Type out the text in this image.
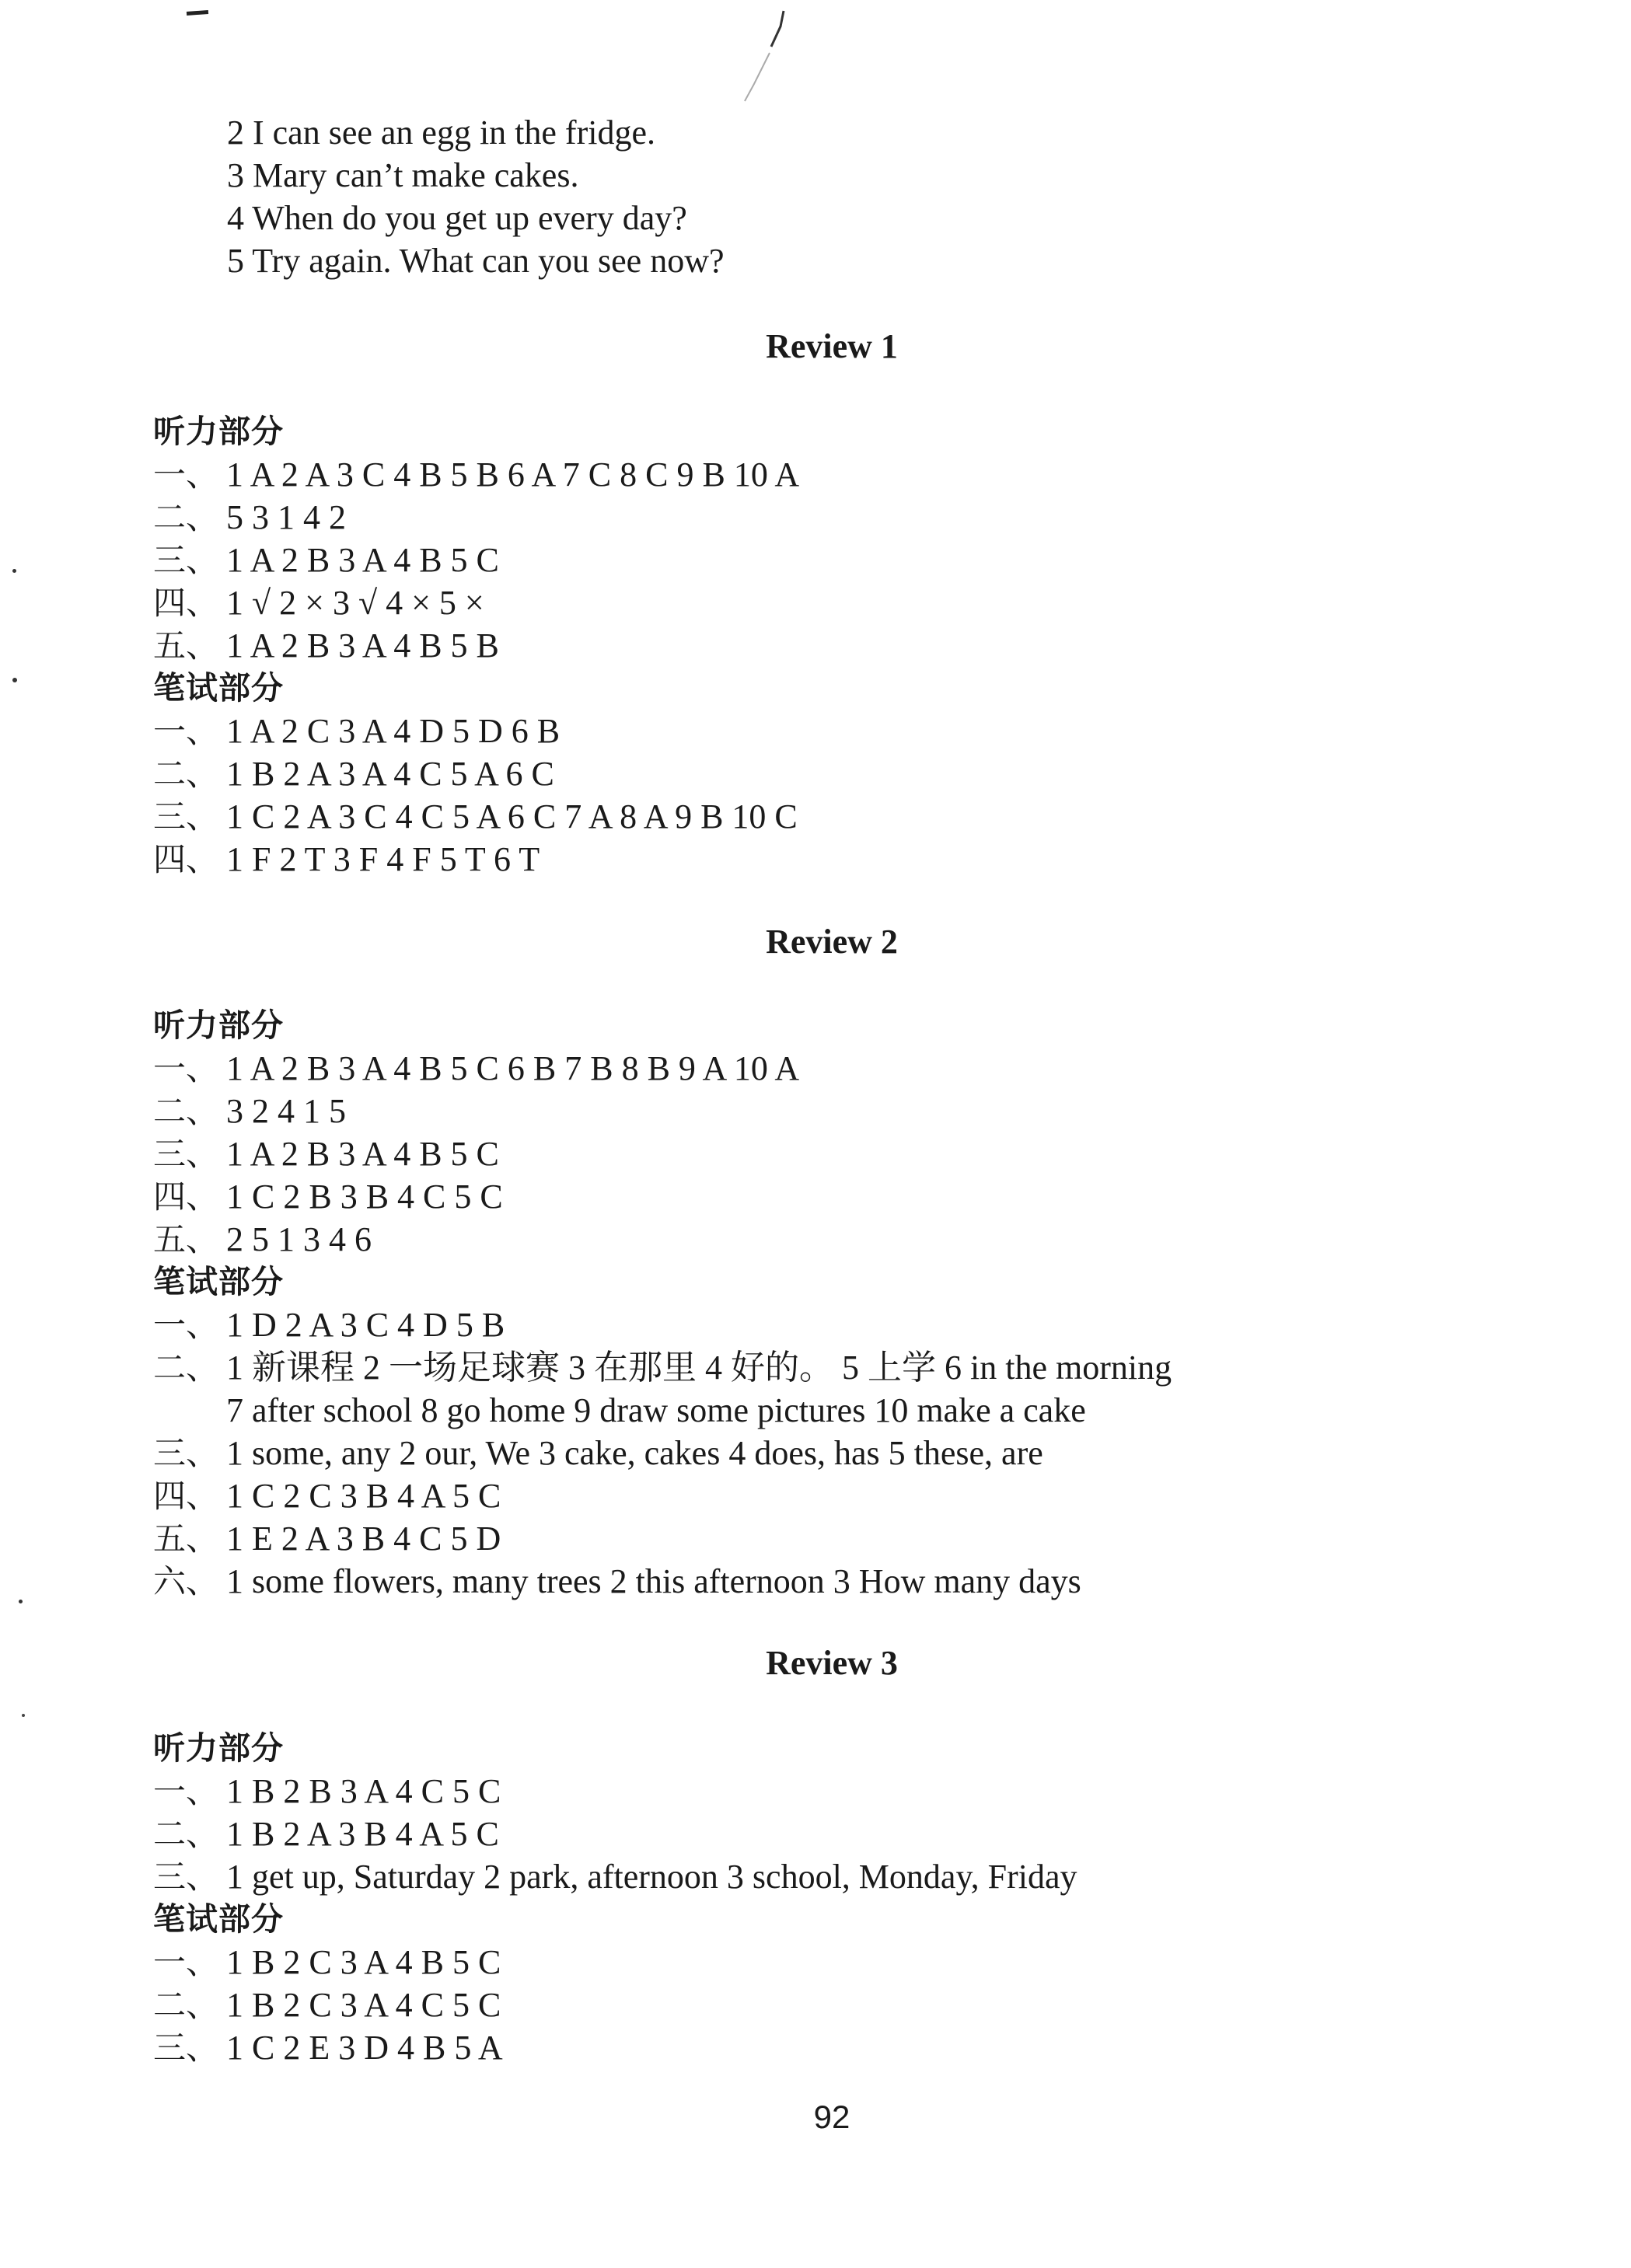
2 I can see an egg in the fridge.
3 Mary can’t make cakes.
4 When do you get up every day?
5 Try again. What can you see now?
Review 1
听力部分
一、 1 A 2 A 3 C 4 B 5 B 6 A 7 C 8 C 9 B 10 A
二、 5 3 1 4 2
三、 1 A 2 B 3 A 4 B 5 C
四、 1 √ 2 × 3 √ 4 × 5 ×
五、 1 A 2 B 3 A 4 B 5 B
笔试部分
一、 1 A 2 C 3 A 4 D 5 D 6 B
二、 1 B 2 A 3 A 4 C 5 A 6 C
三、 1 C 2 A 3 C 4 C 5 A 6 C 7 A 8 A 9 B 10 C
四、 1 F 2 T 3 F 4 F 5 T 6 T
Review 2
听力部分
一、 1 A 2 B 3 A 4 B 5 C 6 B 7 B 8 B 9 A 10 A
二、 3 2 4 1 5
三、 1 A 2 B 3 A 4 B 5 C
四、 1 C 2 B 3 B 4 C 5 C
五、 2 5 1 3 4 6
笔试部分
一、 1 D 2 A 3 C 4 D 5 B
二、 1 新课程 2 一场足球赛 3 在那里 4 好的。 5 上学 6 in the morning
7 after school 8 go home 9 draw some pictures 10 make a cake
三、 1 some, any 2 our, We 3 cake, cakes 4 does, has 5 these, are
四、 1 C 2 C 3 B 4 A 5 C
五、 1 E 2 A 3 B 4 C 5 D
六、 1 some flowers, many trees 2 this afternoon 3 How many days
Review 3
听力部分
一、 1 B 2 B 3 A 4 C 5 C
二、 1 B 2 A 3 B 4 A 5 C
三、 1 get up, Saturday 2 park, afternoon 3 school, Monday, Friday
笔试部分
一、 1 B 2 C 3 A 4 B 5 C
二、 1 B 2 C 3 A 4 C 5 C
三、 1 C 2 E 3 D 4 B 5 A
92
